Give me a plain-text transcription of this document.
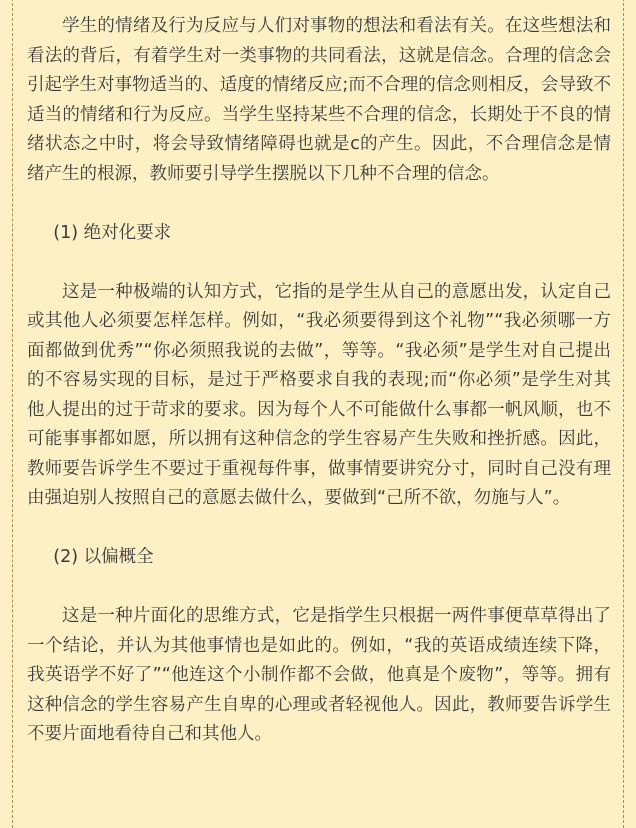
学生的情绪及行为反应与人们对事物的想法和看法有关。在这些想法和看法的背后，有着学生对一类事物的共同看法，这就是信念。合理的信念会引起学生对事物适当的、适度的情绪反应;而不合理的信念则相反，会导致不适当的情绪和行为反应。当学生坚持某些不合理的信念，长期处于不良的情绪状态之中时，将会导致情绪障碍也就是c的产生。因此，不合理信念是情绪产生的根源，教师要引导学生摆脱以下几种不合理的信念。

(1) 绝对化要求

这是一种极端的认知方式，它指的是学生从自己的意愿出发，认定自己或其他人必须要怎样怎样。例如，“我必须要得到这个礼物”“我必须哪一方面都做到优秀”“你必须照我说的去做”，等等。“我必须”是学生对自己提出的不容易实现的目标，是过于严格要求自我的表现;而“你必须”是学生对其他人提出的过于苛求的要求。因为每个人不可能做什么事都一帆风顺，也不可能事事都如愿，所以拥有这种信念的学生容易产生失败和挫折感。因此，教师要告诉学生不要过于重视每件事，做事情要讲究分寸，同时自己没有理由强迫别人按照自己的意愿去做什么，要做到“己所不欲，勿施与人”。

(2) 以偏概全

这是一种片面化的思维方式，它是指学生只根据一两件事便草草得出了一个结论，并认为其他事情也是如此的。例如，“我的英语成绩连续下降，我英语学不好了”“他连这个小制作都不会做，他真是个废物”，等等。拥有这种信念的学生容易产生自卑的心理或者轻视他人。因此，教师要告诉学生不要片面地看待自己和其他人。
